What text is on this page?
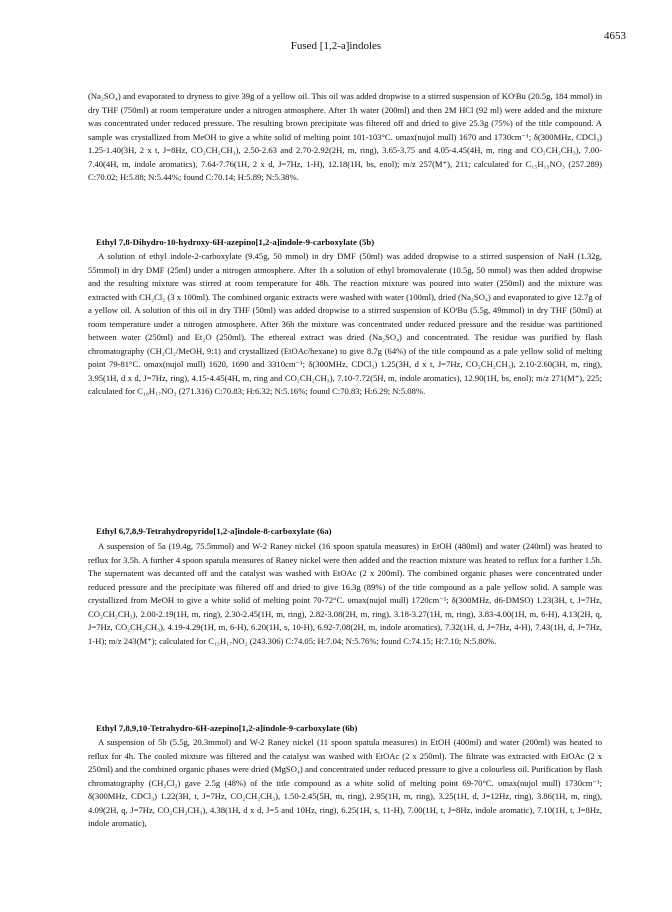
4653
Fused [1,2-a]indoles

(Na₂SO₄) and evaporated to dryness to give 39g of a yellow oil. This oil was added dropwise to a stirred suspension of KOᵗBu (20.5g, 184 mmol) in dry THF (750ml) at room temperature under a nitrogen atmosphere. After 1h water (200ml) and then 2M HCl (92 ml) were added and the mixture was concentrated under reduced pressure. The resulting brown precipitate was filtered off and dried to give 25.3g (75%) of the title compound. A sample was crystallized from MeOH to give a white solid of melting point 101-103°C. υmax(nujol mull) 1670 and 1730cm⁻¹; δ(300MHz, CDCl₃) 1.25-1.40(3H, 2 x t, J=8Hz, CO₂CH₂CH₃), 2.50-2.63 and 2.70-2.92(2H, m, ring), 3.65-3.75 and 4.05-4.45(4H, m, ring and CO₂CH₂CH₃), 7.00-7.40(4H, m, indole aromatics), 7.64-7.76(1H, 2 x d, J=7Hz, 1-H), 12.18(1H, bs, enol); m/z 257(M⁺), 211; calculated for C₁₅H₁₅NO₃ (257.289) C:70.02; H:5.88; N:5.44%; found C:70.14; H:5.89; N:5.38%.

Ethyl 7,8-Dihydro-10-hydroxy-6H-azepino[1,2-a]indole-9-carboxylate (5b)

A solution of ethyl indole-2-carboxylate (9.45g, 50 mmol) in dry DMF (50ml) was added dropwise to a stirred suspension of NaH (1.32g, 55mmol) in dry DMF (25ml) under a nitrogen atmosphere. After 1h a solution of ethyl bromovalerate (10.5g, 50 mmol) was then added dropwise and the resulting mixture was stirred at room temperature for 48h. The reaction mixture was poured into water (250ml) and the mixture was extracted with CH₂Cl₂ (3 x 100ml). The combined organic extracts were washed with water (100ml), dried (Na₂SO₄) and evaporated to give 12.7g of a yellow oil. A solution of this oil in dry THF (50ml) was added dropwise to a stirred suspension of KOᵗBu (5.5g, 49mmol) in dry THF (50ml) at room temperature under a nitrogen atmosphere. After 36h the mixture was concentrated under reduced pressure and the residue was partitioned between water (250ml) and Et₂O (250ml). The ethereal extract was dried (Na₂SO₄) and concentrated. The residue was purified by flash chromatography (CH₂Cl₂/MeOH, 9:1) and crystallized (EtOAc/hexane) to give 8.7g (64%) of the title compound as a pale yellow solid of melting point 79-81°C. υmax(nujol mull) 1620, 1690 and 3310cm⁻¹; δ(300MHz, CDCl₃) 1.25(3H, d x t, J=7Hz, CO₂CH₂CH₃), 2.10-2.60(3H, m, ring), 3.95(1H, d x d, J=7Hz, ring), 4.15-4.45(4H, m, ring and CO₂CH₂CH₃), 7.10-7.72(5H, m, indole aromatics), 12.90(1H, bs, enol); m/z 271(M⁺), 225; calculated for C₁₆H₁₇NO₃ (271.316) C:70.83; H:6.32; N:5.16%; found C:70.83; H:6.29; N:5.08%.

Ethyl 6,7,8,9-Tetrahydropyrido[1,2-a]indole-8-carboxylate (6a)

A suspension of 5a (19.4g, 75.5mmol) and W-2 Raney nickel (16 spoon spatula measures) in EtOH (480ml) and water (240ml) was heated to reflux for 3.5h. A further 4 spoon spatula measures of Raney nickel were then added and the reaction mixture was heated to reflux for a further 1.5h. The supernatent was decanted off and the catalyst was washed with EtOAc (2 x 200ml). The combined organic phases were concentrated under reduced pressure and the precipitate was filtered off and dried to give 16.3g (89%) of the title compound as a pale yellow solid. A sample was crystallized from MeOH to give a white solid of melting point 70-72°C. υmax(nujol mull) 1720cm⁻¹; δ(300MHz, d6-DMSO) 1.23(3H, t, J=7Hz, CO₂CH₂CH₃), 2.00-2.19(1H, m, ring), 2.30-2.45(1H, m, ring), 2.82-3.08(2H, m, ring), 3.18-3.27(1H, m, ring), 3.83-4.00(1H, m, 6-H), 4.13(2H, q, J=7Hz, CO₂CH₂CH₃), 4.19-4.29(1H, m, 6-H), 6.20(1H, s, 10-H), 6.92-7.08(2H, m, indole aromatics), 7.32(1H, d, J=7Hz, 4-H), 7.43(1H, d, J=7Hz, 1-H); m/z 243(M⁺); calculated for C₁₅H₁₇NO₂ (243.306) C:74.05; H:7.04; N:5.76%; found C:74.15; H:7.10; N:5.80%.

Ethyl 7,8,9,10-Tetrahydro-6H-azepino[1,2-a]indole-9-carboxylate (6b)

A suspension of 5b (5.5g, 20.3mmol) and W-2 Raney nickel (11 spoon spatula measures) in EtOH (400ml) and water (200ml) was heated to reflux for 4h. The cooled mixture was filtered and the catalyst was washed with EtOAc (2 x 250ml). The filtrate was extracted with EtOAc (2 x 250ml) and the combined organic phases were dried (MgSO₄) and concentrated under reduced pressure to give a colourless oil. Purification by flash chromatography (CH₂Cl₂) gave 2.5g (48%) of the title compound as a white solid of melting point 69-70°C. υmax(nujol mull) 1730cm⁻¹; δ(300MHz, CDCl₃) 1.22(3H, t, J=7Hz, CO₂CH₂CH₃), 1.50-2.45(5H, m, ring), 2.95(1H, m, ring), 3.25(1H, d, J=12Hz, ring), 3.86(1H, m, ring), 4.09(2H, q, J=7Hz, CO₂CH₂CH₃), 4.38(1H, d x d, J=5 and 10Hz, ring), 6.25(1H, s, 11-H), 7.00(1H, t, J=8Hz, indole aromatic), 7.10(1H, t, J=8Hz, indole aromatic),
